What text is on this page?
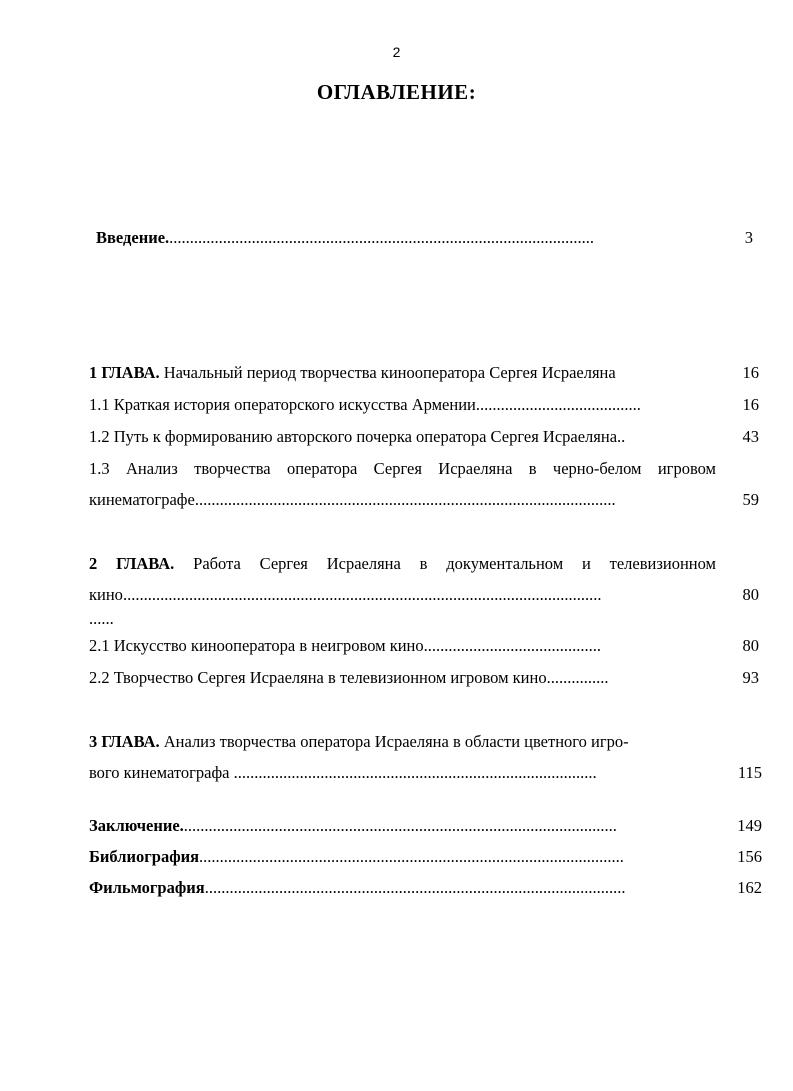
2
ОГЛАВЛЕНИЕ:
Введение........................................................................................................	3
1 ГЛАВА. Начальный период творчества кинооператора Сергея Исраеляна	16
1.1 Краткая история операторского искусства Армении........................................	16
1.2 Путь к формированию авторского почерка оператора Сергея Исраеляна..	43
1.3 Анализ творчества оператора Сергея Исраеляна в черно-белом игровом
кинематографе......................................................................................................	59
2 ГЛАВА. Работа Сергея Исраеляна в документальном и телевизионном
кино....................................................................................................................	80
......
2.1 Искусство кинооператора в неигровом кино...........................................	80
2.2 Творчество Сергея Исраеляна в телевизионном игровом кино...............	93
3 ГЛАВА. Анализ творчества оператора Исраеляна в области цветного игро-
вого кинематографа ........................................................................................	115
Заключение..........................................................................................................	149
Библиография.......................................................................................................	156
Фильмография......................................................................................................	162
